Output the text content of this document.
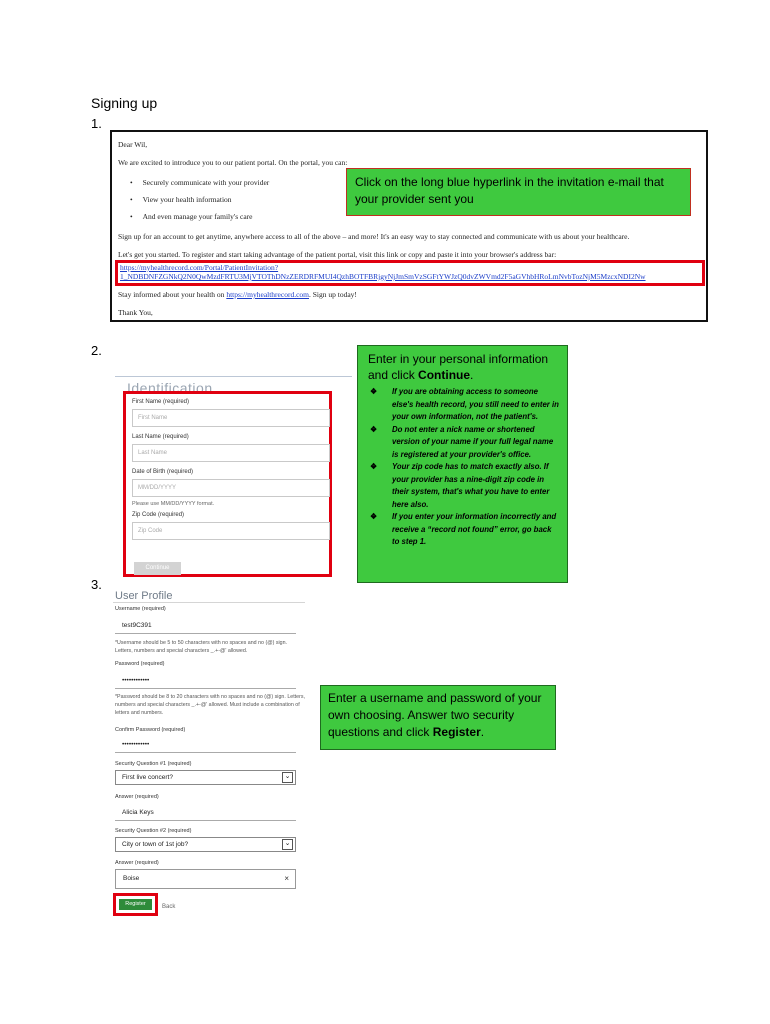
Signing up
1.

Dear Wil,

We are excited to introduce you to our patient portal. On the portal, you can:

• Securely communicate with your provider
• View your health information
• And even manage your family's care

Sign up for an account to get anytime, anywhere access to all of the above – and more! It's an easy way to stay connected and communicate with us about your healthcare.

Let's get you started. To register and start taking advantage of the patient portal, visit this link or copy and paste it into your browser's address bar:

https://myhealthrecord.com/Portal/PatientInvitation?
1_NDBDNFZGNkQ2N0QwMzdFRTU3MjVTOThDNzZERDRFMUI4QzhBOTFBRjgyNjJmSmVzSGFtYWJzQ0dvZWVmd2F5aGVhbHRoLmNvbTozNjM5MzcxNDI2Nw

Stay informed about your health on https://myhealthrecord.com. Sign up today!

Thank You,

Click on the long blue hyperlink in the invitation e-mail that your provider sent you
2.
Identification
First Name (required)
First Name
Last Name (required)
Last Name
Date of Birth (required)
MM/DD/YYYY
Please use MM/DD/YYYY format.
Zip Code (required)
Zip Code
Continue
Enter in your personal information and click Continue.
❖ If you are obtaining access to someone else's health record, you still need to enter in your own information, not the patient's.
❖ Do not enter a nick name or shortened version of your name if your full legal name is registered at your provider's office.
❖ Your zip code has to match exactly also. If your provider has a nine-digit zip code in their system, that's what you have to enter here also.
❖ If you enter your information incorrectly and receive a “record not found” error, go back to step 1.
3.
User Profile
Username (required)
test9C391
*Username should be 5 to 50 characters with no spaces and no (@) sign. Letters, numbers and special characters _.+-@' allowed.
Password (required)
••••••••••••
*Password should be 8 to 20 characters with no spaces and no (@) sign. Letters, numbers and special characters _.+-@' allowed. Must include a combination of letters and numbers.
Confirm Password (required)
••••••••••••
Security Question #1 (required)
First live concert?	⌄
Answer (required)
Alicia Keys
Security Question #2 (required)
City or town of 1st job?	⌄
Answer (required)
Boise	×
Register	Back
Enter a username and password of your own choosing. Answer two security questions and click Register.
